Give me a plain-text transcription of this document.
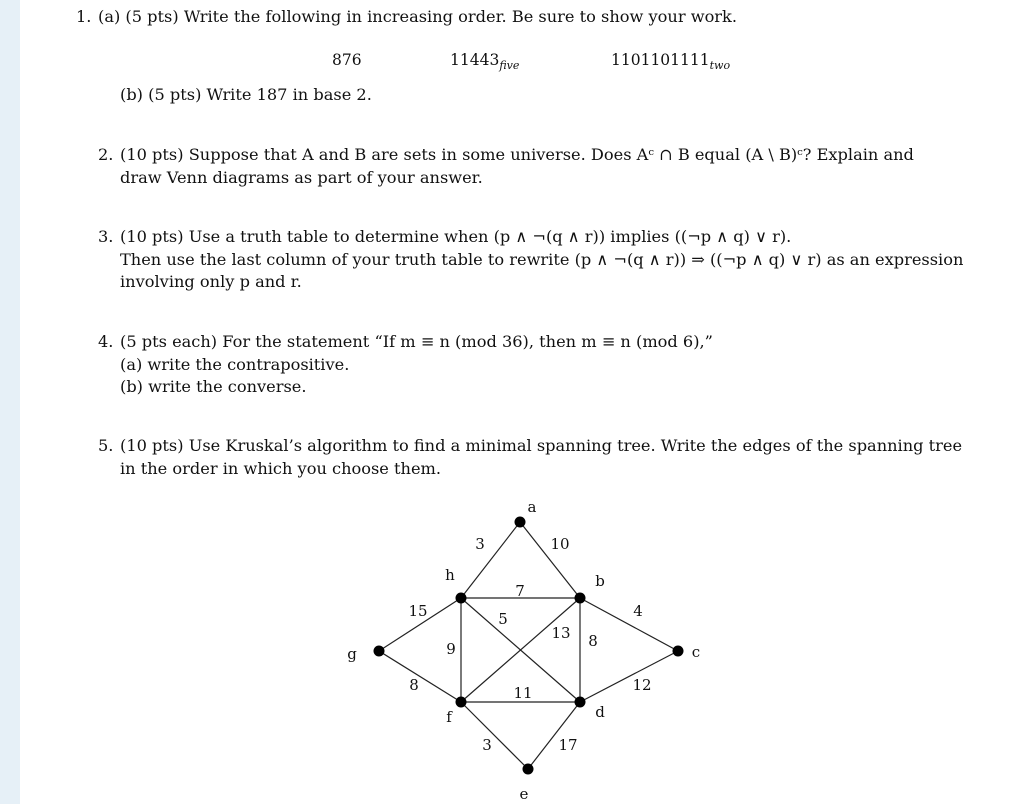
1. (a) (5 pts) Write the following in increasing order. Be sure to show your work.

876	$11443_{five}$	$1101101111_{two}$
(b) (5 pts) Write 187 in base 2.
2. (10 pts) Suppose that A and B are sets in some universe. Does Aᶜ ∩ B equal (A \ B)ᶜ? Explain and

draw Venn diagrams as part of your answer.

3. (10 pts) Use a truth table to determine when (p ∧ ¬(q ∧ r)) implies ((¬p ∧ q) ∨ r).

Then use the last column of your truth table to rewrite (p ∧ ¬(q ∧ r)) ⇒ ((¬p ∧ q) ∨ r) as an expression

involving only p and r.

4. (5 pts each) For the statement “If m ≡ n (mod 36), then m ≡ n (mod 6),”

(a) write the contrapositive.

(b) write the converse.

5. (10 pts) Use Kruskal’s algorithm to find a minimal spanning tree. Write the edges of the spanning tree

in the order in which you choose them.

3	10
7
5
13 8
4
15
9
8	11	12
3	17
a
b
c
d
e
f
g
h
